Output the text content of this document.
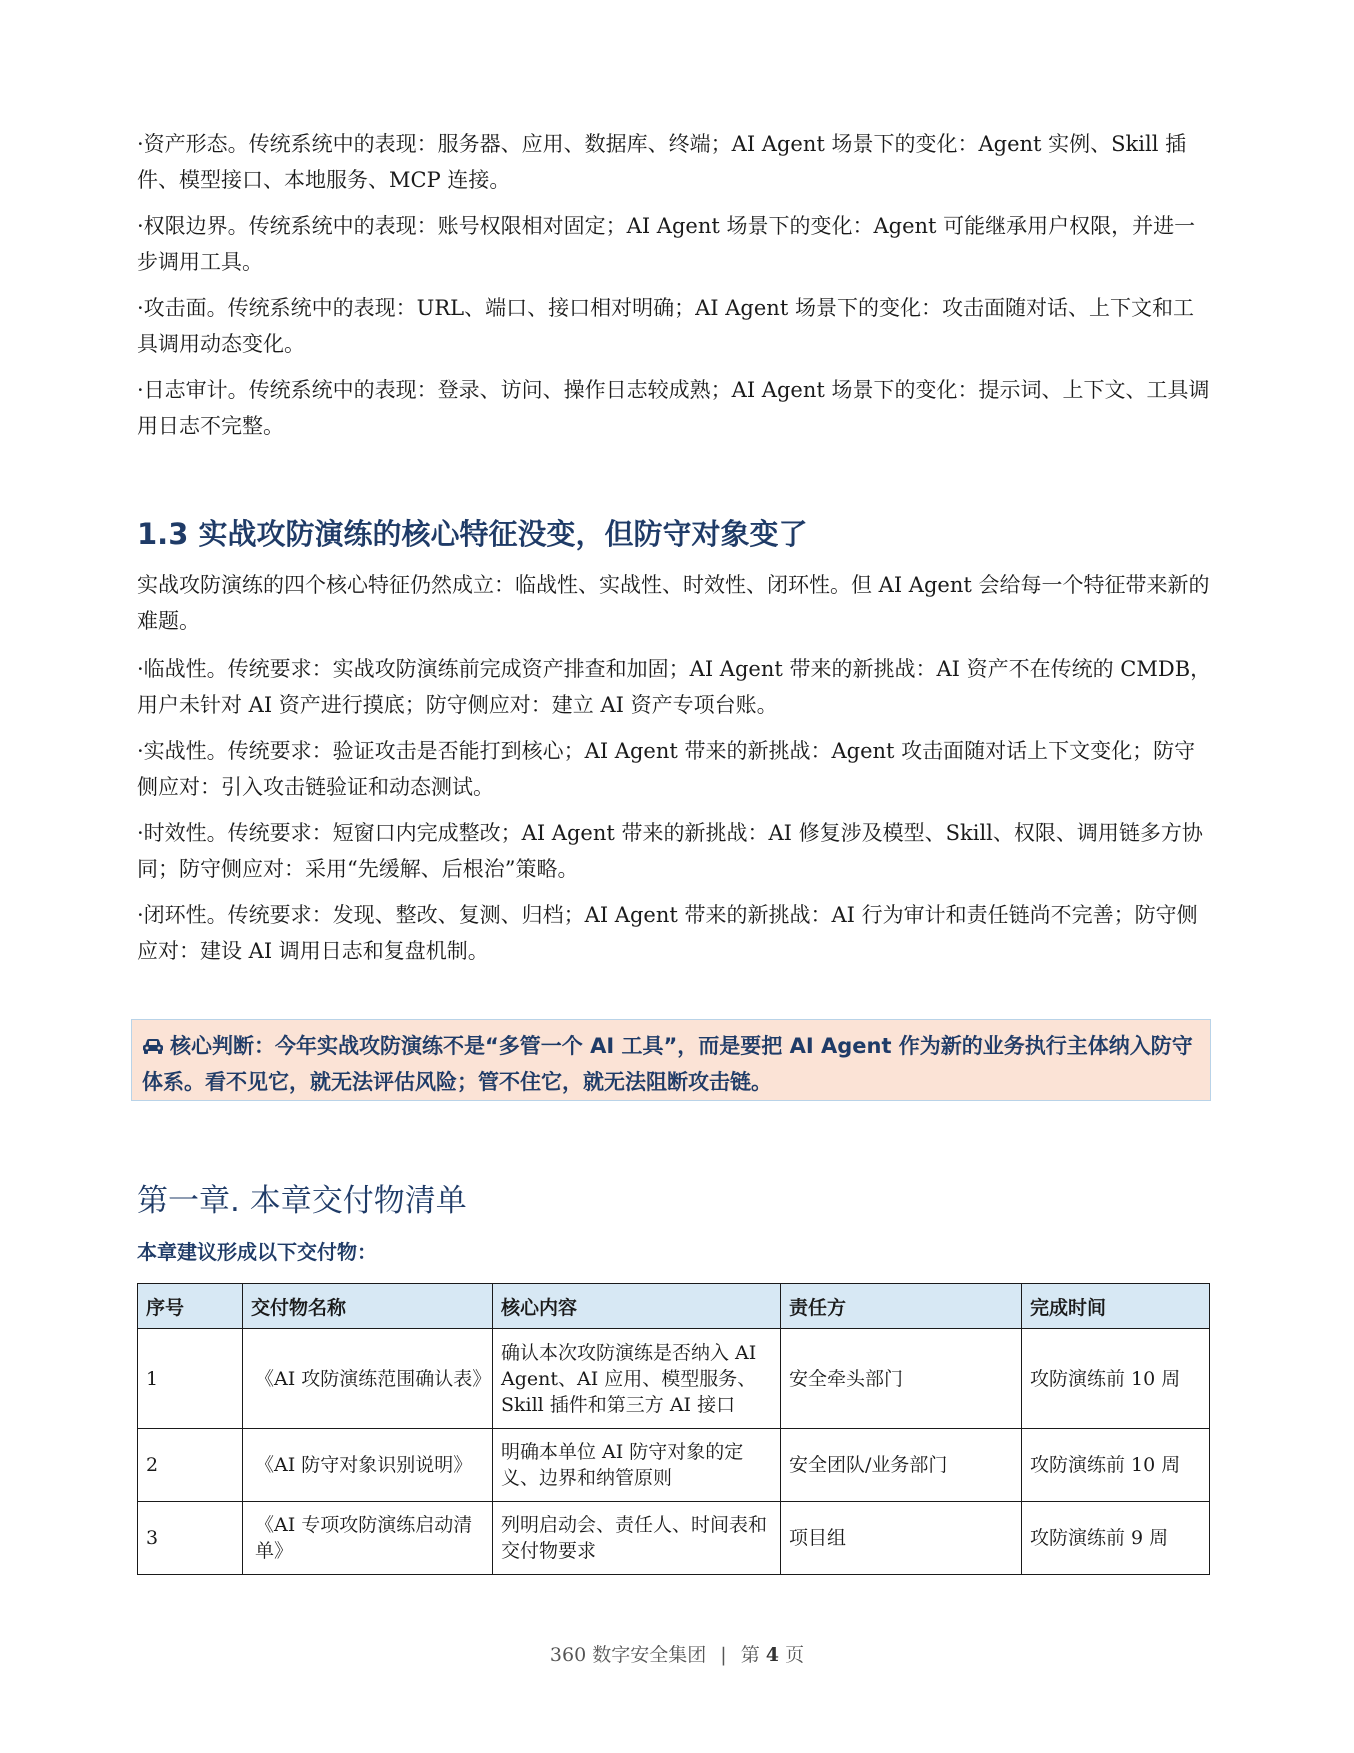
·资产形态。传统系统中的表现：服务器、应用、数据库、终端；AI Agent 场景下的变化：Agent 实例、Skill 插件、模型接口、本地服务、MCP 连接。

·权限边界。传统系统中的表现：账号权限相对固定；AI Agent 场景下的变化：Agent 可能继承用户权限，并进一步调用工具。

·攻击面。传统系统中的表现：URL、端口、接口相对明确；AI Agent 场景下的变化：攻击面随对话、上下文和工具调用动态变化。

·日志审计。传统系统中的表现：登录、访问、操作日志较成熟；AI Agent 场景下的变化：提示词、上下文、工具调用日志不完整。

1.3 实战攻防演练的核心特征没变，但防守对象变了

实战攻防演练的四个核心特征仍然成立：临战性、实战性、时效性、闭环性。但 AI Agent 会给每一个特征带来新的难题。

·临战性。传统要求：实战攻防演练前完成资产排查和加固；AI Agent 带来的新挑战：AI 资产不在传统的 CMDB，用户未针对 AI 资产进行摸底；防守侧应对：建立 AI 资产专项台账。

·实战性。传统要求：验证攻击是否能打到核心；AI Agent 带来的新挑战：Agent 攻击面随对话上下文变化；防守侧应对：引入攻击链验证和动态测试。

·时效性。传统要求：短窗口内完成整改；AI Agent 带来的新挑战：AI 修复涉及模型、Skill、权限、调用链多方协同；防守侧应对：采用“先缓解、后根治”策略。

·闭环性。传统要求：发现、整改、复测、归档；AI Agent 带来的新挑战：AI 行为审计和责任链尚不完善；防守侧应对：建设 AI 调用日志和复盘机制。

核心判断：今年实战攻防演练不是“多管一个 AI 工具”，而是要把 AI Agent 作为新的业务执行主体纳入防守体系。看不见它，就无法评估风险；管不住它，就无法阻断攻击链。
第一章. 本章交付物清单

本章建议形成以下交付物：

序号	交付物名称	核心内容	责任方	完成时间
1	《AI 攻防演练范围确认表》	确认本次攻防演练是否纳入 AI Agent、AI 应用、模型服务、Skill 插件和第三方 AI 接口	安全牵头部门	攻防演练前 10 周
2	《AI 防守对象识别说明》	明确本单位 AI 防守对象的定义、边界和纳管原则	安全团队/业务部门	攻防演练前 10 周
3	《AI 专项攻防演练启动清单》	列明启动会、责任人、时间表和交付物要求	项目组	攻防演练前 9 周
360 数字安全集团 | 第 4 页
